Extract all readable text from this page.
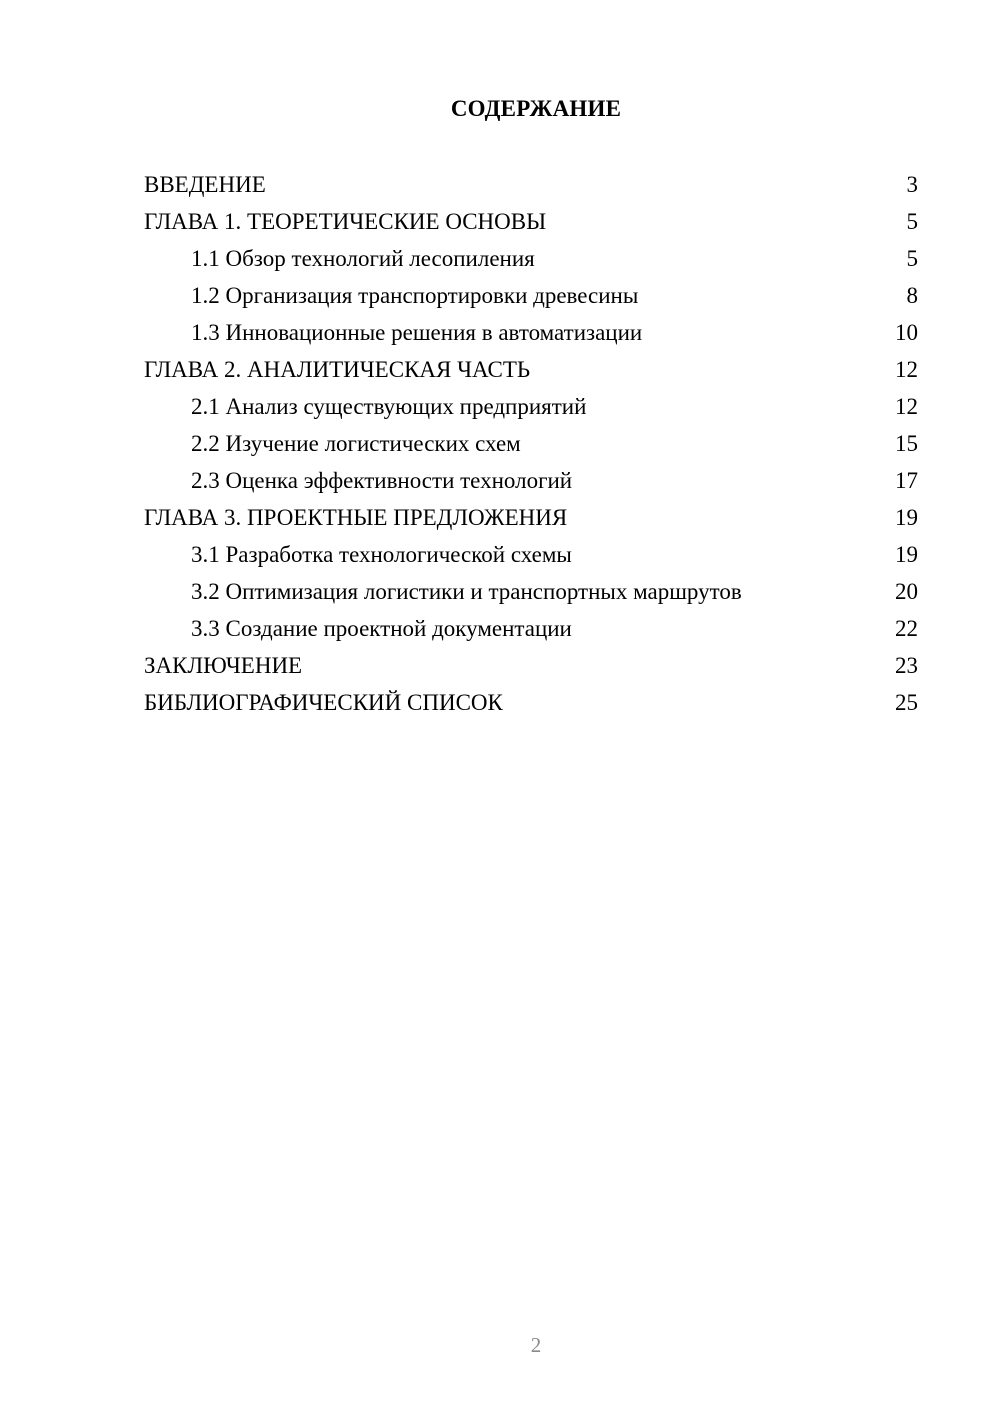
СОДЕРЖАНИЕ
ВВЕДЕНИЕ	3
ГЛАВА 1. ТЕОРЕТИЧЕСКИЕ ОСНОВЫ	5
1.1 Обзор технологий лесопиления	5
1.2 Организация транспортировки древесины	8
1.3 Инновационные решения в автоматизации	10
ГЛАВА 2. АНАЛИТИЧЕСКАЯ ЧАСТЬ	12
2.1 Анализ существующих предприятий	12
2.2 Изучение логистических схем	15
2.3 Оценка эффективности технологий	17
ГЛАВА 3. ПРОЕКТНЫЕ ПРЕДЛОЖЕНИЯ	19
3.1 Разработка технологической схемы	19
3.2 Оптимизация логистики и транспортных маршрутов	20
3.3 Создание проектной документации	22
ЗАКЛЮЧЕНИЕ	23
БИБЛИОГРАФИЧЕСКИЙ СПИСОК	25
2
